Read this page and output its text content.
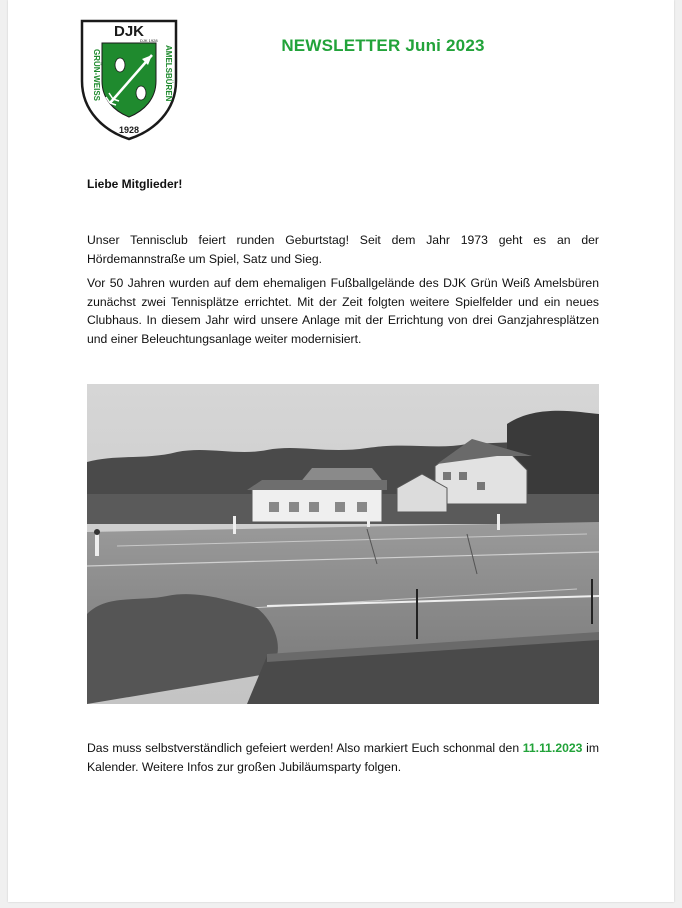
DJK
DJK 1928
GRÜN-WEISS	AMELSBÜREN
1928
NEWSLETTER Juni 2023
Liebe Mitglieder!

Unser Tennisclub feiert runden Geburtstag! Seit dem Jahr 1973 geht es an der Hördemannstraße um Spiel, Satz und Sieg.

Vor 50 Jahren wurden auf dem ehemaligen Fußballgelände des DJK Grün Weiß Amelsbüren zunächst zwei Tennisplätze errichtet. Mit der Zeit folgten weitere Spielfelder und ein neues Clubhaus. In diesem Jahr wird unsere Anlage mit der Errichtung von drei Ganzjahresplätzen und einer Beleuchtungsanlage weiter modernisiert.

Das muss selbstverständlich gefeiert werden! Also markiert Euch schonmal den 11.11.2023 im Kalender. Weitere Infos zur großen Jubiläumsparty folgen.
